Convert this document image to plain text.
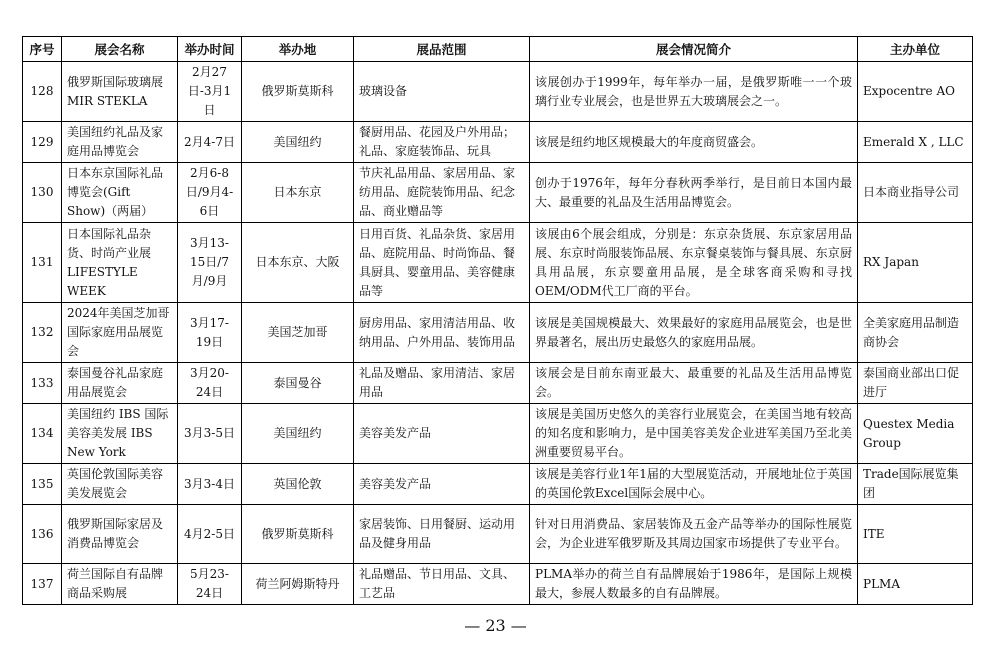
序号	展会名称	举办时间	举办地	展品范围	展会情况简介	主办单位
128	俄罗斯国际玻璃展 MIR STEKLA	2月27日-3月1日	俄罗斯莫斯科	玻璃设备	该展创办于1999年，每年举办一届，是俄罗斯唯一一个玻璃行业专业展会，也是世界五大玻璃展会之一。	Expocentre AO
129	美国纽约礼品及家庭用品博览会	2月4-7日	美国纽约	餐厨用品、花园及户外用品；礼品、家庭装饰品、玩具	该展是纽约地区规模最大的年度商贸盛会。	Emerald X , LLC
130	日本东京国际礼品博览会(Gift Show)（两届）	2月6-8日/9月4-6日	日本东京	节庆礼品用品、家居用品、家纺用品、庭院装饰用品、纪念品、商业赠品等	创办于1976年，每年分春秋两季举行，是目前日本国内最大、最重要的礼品及生活用品博览会。	日本商业指导公司
131	日本国际礼品杂货、时尚产业展 LIFESTYLE WEEK	3月13-15日/7月/9月	日本东京、大阪	日用百货、礼品杂货、家居用品、庭院用品、时尚饰品、餐具厨具、婴童用品、美容健康品等	该展由6个展会组成，分别是：东京杂货展、东京家居用品展、东京时尚服装饰品展、东京餐桌装饰与餐具展、东京厨具用品展，东京婴童用品展，是全球客商采购和寻找OEM/ODM代工厂商的平台。	RX Japan
132	2024年美国芝加哥国际家庭用品展览会	3月17-19日	美国芝加哥	厨房用品、家用清洁用品、收纳用品、户外用品、装饰用品	该展是美国规模最大、效果最好的家庭用品展览会，也是世界最著名，展出历史最悠久的家庭用品展。	全美家庭用品制造商协会
133	泰国曼谷礼品家庭用品展览会	3月20-24日	泰国曼谷	礼品及赠品、家用清洁、家居用品	该展会是目前东南亚最大、最重要的礼品及生活用品博览会。	泰国商业部出口促进厅
134	美国纽约 IBS 国际美容美发展 IBS New York	3月3-5日	美国纽约	美容美发产品	该展是美国历史悠久的美容行业展览会，在美国当地有较高的知名度和影响力，是中国美容美发企业进军美国乃至北美洲重要贸易平台。	Questex Media Group
135	英国伦敦国际美容美发展览会	3月3-4日	英国伦敦	美容美发产品	该展是美容行业1年1届的大型展览活动，开展地址位于英国的英国伦敦Excel国际会展中心。	Trade国际展览集团
136	俄罗斯国际家居及消费品博览会	4月2-5日	俄罗斯莫斯科	家居装饰、日用餐厨、运动用品及健身用品	针对日用消费品、家居装饰及五金产品等举办的国际性展览会，为企业进军俄罗斯及其周边国家市场提供了专业平台。	ITE
137	荷兰国际自有品牌商品采购展	5月23-24日	荷兰阿姆斯特丹	礼品赠品、节日用品、文具、工艺品	PLMA举办的荷兰自有品牌展始于1986年，是国际上规模最大，参展人数最多的自有品牌展。	PLMA
— 23 —
